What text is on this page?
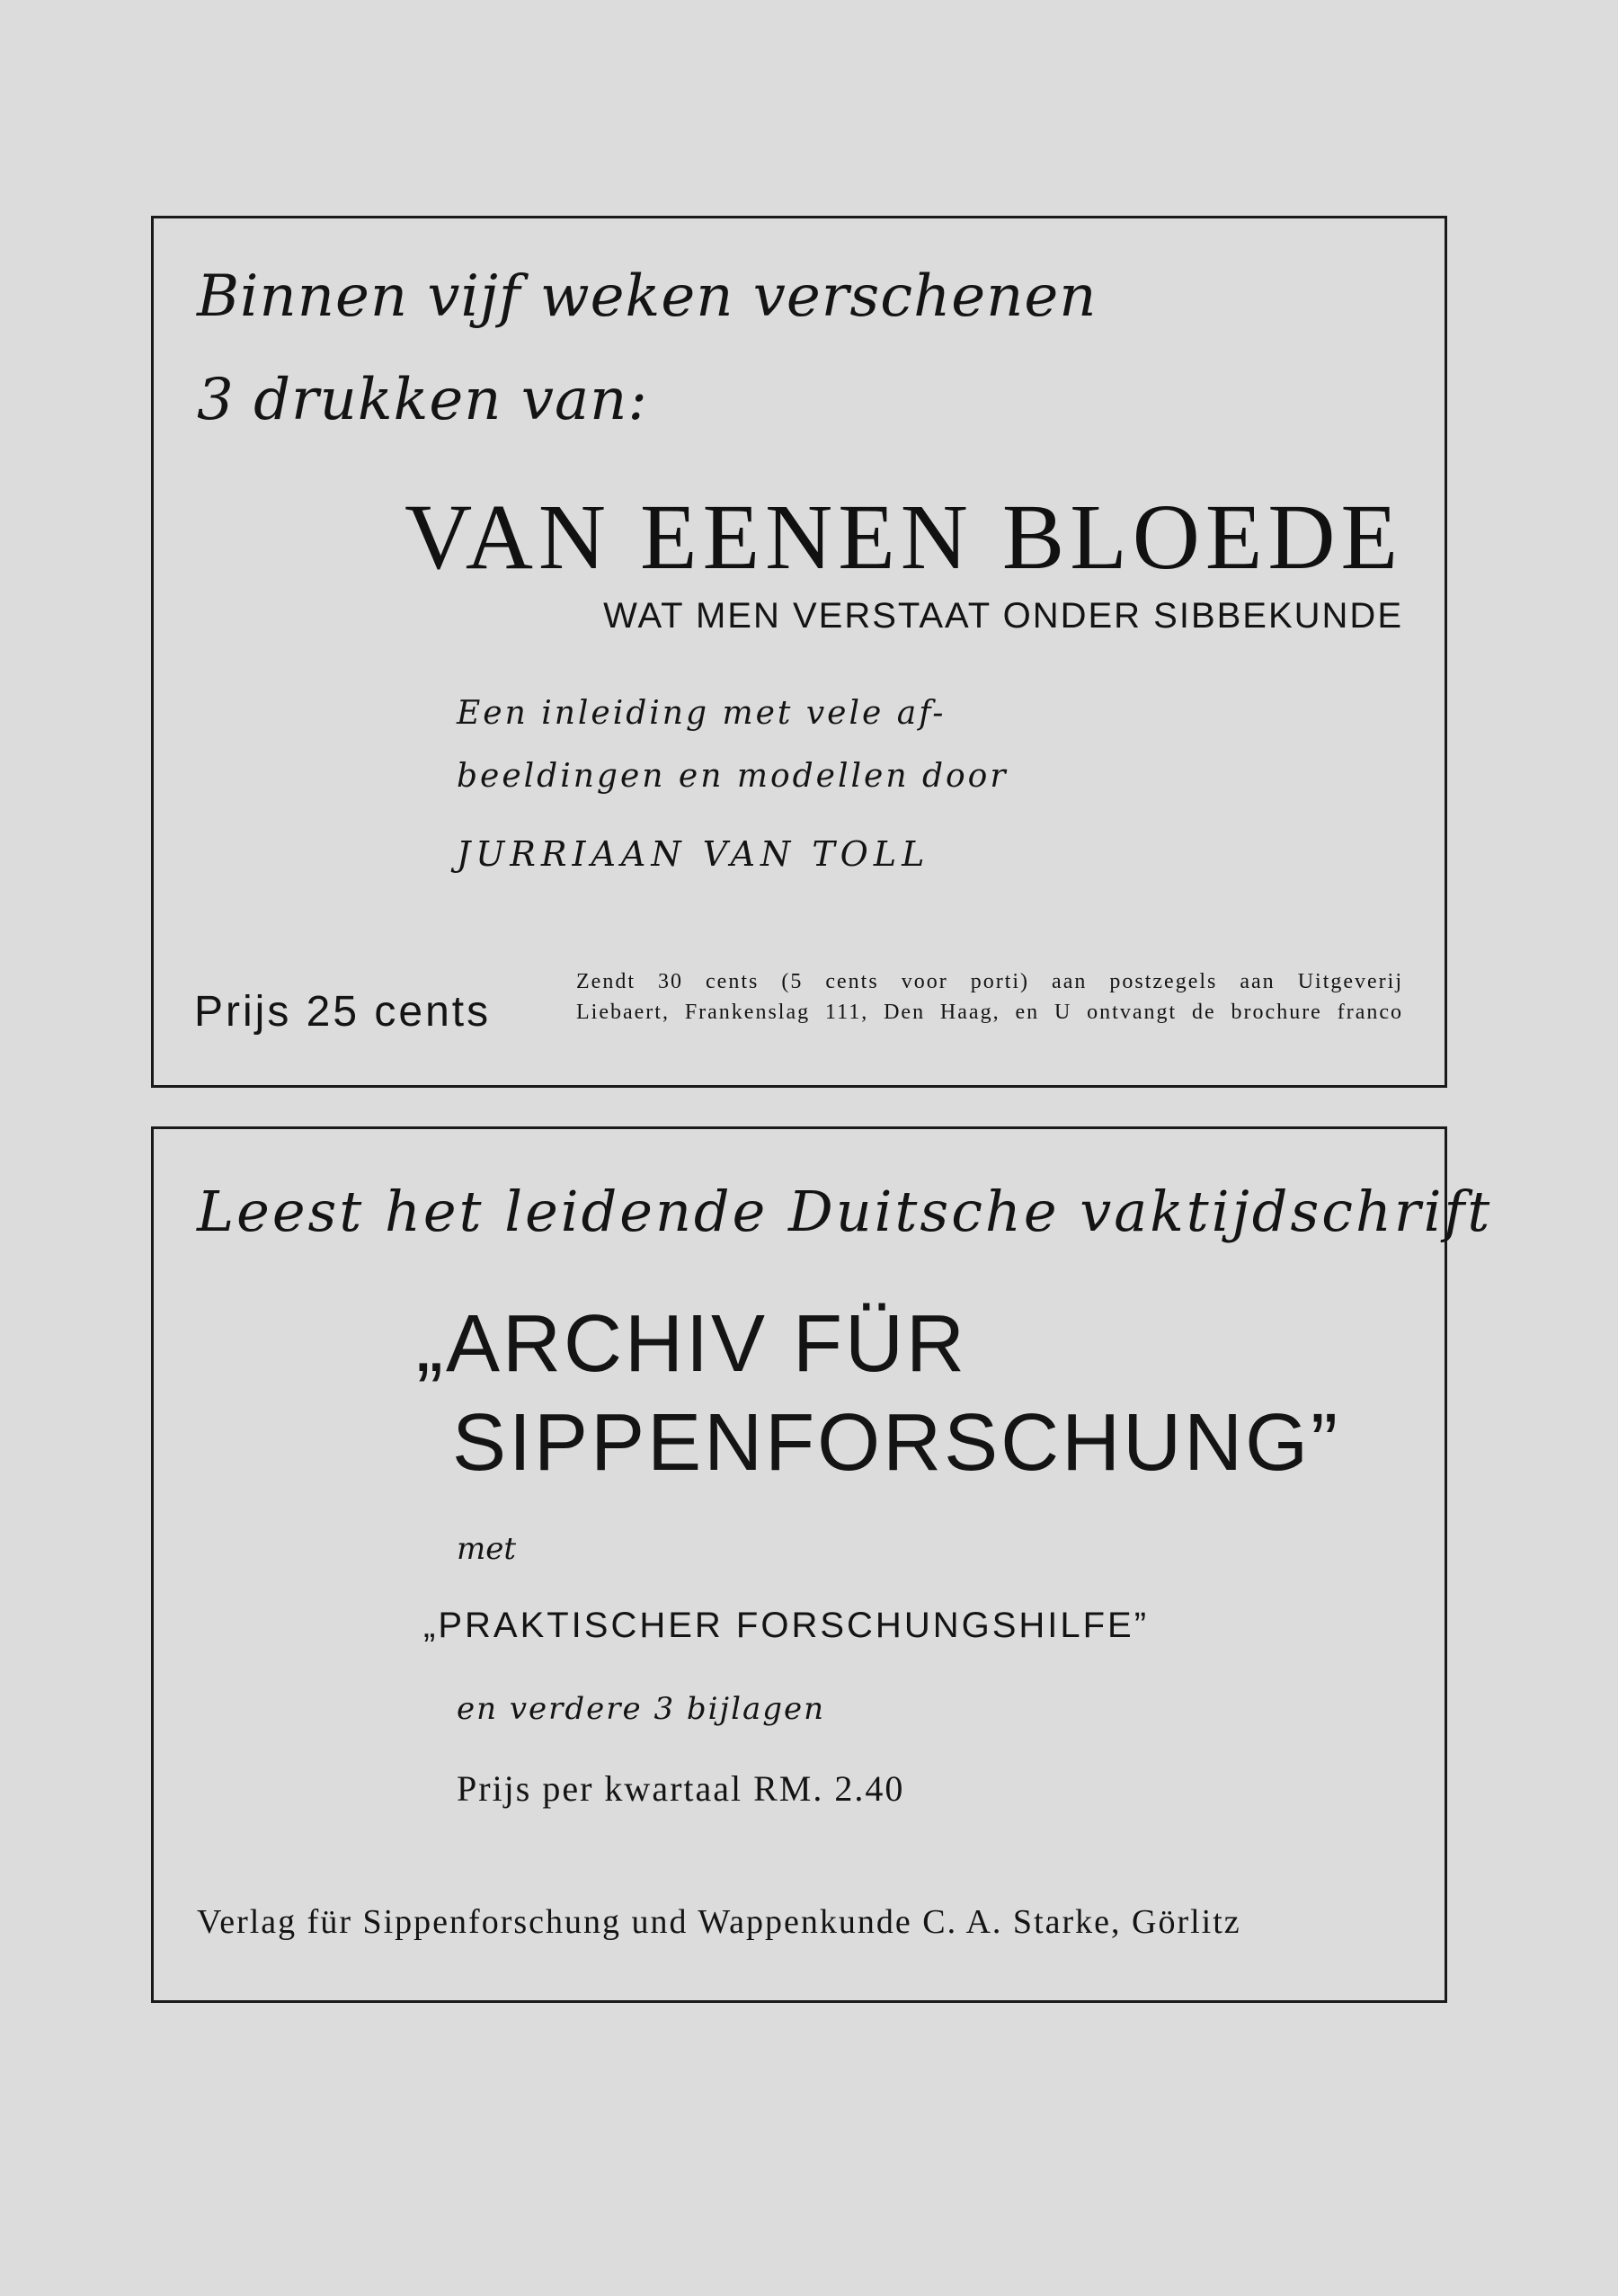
Binnen vijf weken verschenen

3 drukken van:

VAN EENEN BLOEDE

WAT MEN VERSTAAT ONDER SIBBEKUNDE

Een inleiding met vele af-

beeldingen en modellen door

JURRIAAN VAN TOLL

Prijs 25 cents

Zendt 30 cents (5 cents voor porti) aan postzegels aan Uitgeverij

Liebaert, Frankenslag 111, Den Haag, en U ontvangt de brochure franco

Leest het leidende Duitsche vaktijdschrift

„ARCHIV FÜR

SIPPENFORSCHUNG”

met

„PRAKTISCHER FORSCHUNGSHILFE”

en verdere 3 bijlagen

Prijs per kwartaal RM. 2.40

Verlag für Sippenforschung und Wappenkunde C. A. Starke, Görlitz
